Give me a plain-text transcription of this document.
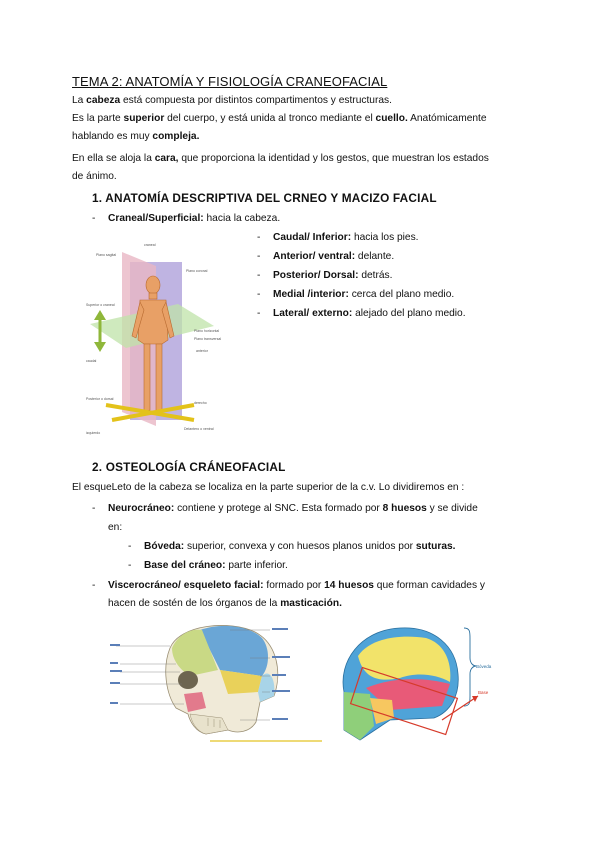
TEMA 2: ANATOMÍA Y FISIOLOGÍA CRANEOFACIAL
La cabeza está compuesta por distintos compartimentos y estructuras.
Es la parte superior del cuerpo, y está unida al tronco mediante el cuello. Anatómicamente
hablando es muy compleja.
En ella se aloja la cara, que proporciona la identidad y los gestos, que muestran los estados
de ánimo.
1. ANATOMÍA DESCRIPTIVA DEL CRNEO Y MACIZO FACIAL
- Craneal/Superficial: hacia la cabeza.
- Caudal/ Inferior: hacia los pies.
- Anterior/ ventral: delante.
- Posterior/ Dorsal: detrás.
- Medial /interior: cerca del plano medio.
- Lateral/ externo: alejado del plano medio.
craneal
Plano sagital
Plano coronal
Superior o craneal
Plano horizontal
Plano transversal
anterior
caudal
Posterior o dorsal
derecho
Delantero o ventral
izquierdo
2. OSTEOLOGÍA CRÁNEOFACIAL
El esqueLeto de la cabeza se localiza en la parte superior de la c.v. Lo dividiremos en :
- Neurocráneo: contiene y protege al SNC. Esta formado por 8 huesos y se divide
en:
- Bóveda: superior, convexa y con huesos planos unidos por suturas.
- Base del cráneo: parte inferior.
- Viscerocráneo/ esqueleto facial: formado por 14 huesos que forman cavidades y
hacen de sostén de los órganos de la masticación.
Bóveda
Base
